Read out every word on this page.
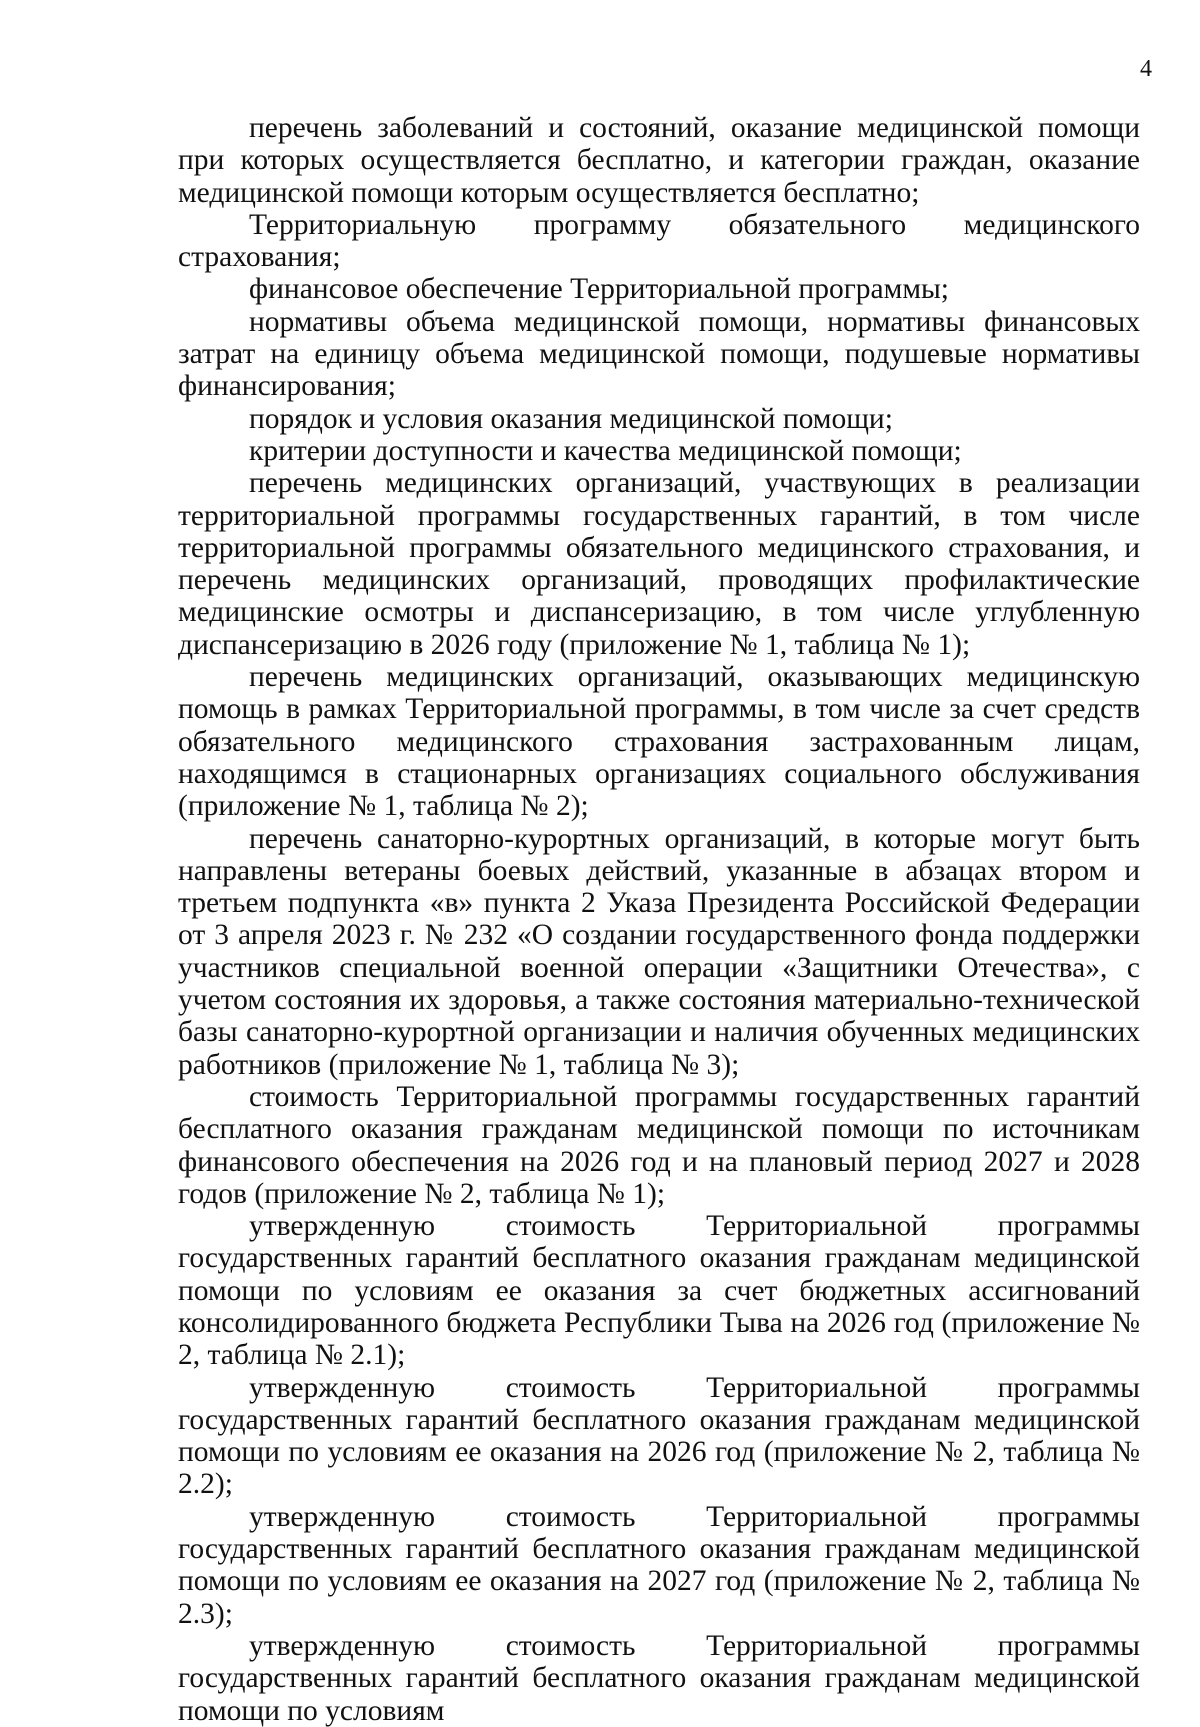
4

перечень заболеваний и состояний, оказание медицинской помощи при которых осуществляется бесплатно, и категории граждан, оказание медицинской помощи которым осуществляется бесплатно;

Территориальную программу обязательного медицинского страхования;

финансовое обеспечение Территориальной программы;

нормативы объема медицинской помощи, нормативы финансовых затрат на единицу объема медицинской помощи, подушевые нормативы финансирования;

порядок и условия оказания медицинской помощи;

критерии доступности и качества медицинской помощи;

перечень медицинских организаций, участвующих в реализации территориальной программы государственных гарантий, в том числе территориальной программы обязательного медицинского страхования, и перечень медицинских организаций, проводящих профилактические медицинские осмотры и диспансеризацию, в том числе углубленную диспансеризацию в 2026 году (приложение № 1, таблица № 1);

перечень медицинских организаций, оказывающих медицинскую помощь в рамках Территориальной программы, в том числе за счет средств обязательного медицинского страхования застрахованным лицам, находящимся в стационарных организациях социального обслуживания (приложение № 1, таблица № 2);

перечень санаторно-курортных организаций, в которые могут быть направлены ветераны боевых действий, указанные в абзацах втором и третьем подпункта «в» пункта 2 Указа Президента Российской Федерации от 3 апреля 2023 г. № 232 «О создании государственного фонда поддержки участников специальной военной операции «Защитники Отечества», с учетом состояния их здоровья, а также состояния материально-технической базы санаторно-курортной организации и наличия обученных медицинских работников (приложение № 1, таблица № 3);

стоимость Территориальной программы государственных гарантий бесплатного оказания гражданам медицинской помощи по источникам финансового обеспечения на 2026 год и на плановый период 2027 и 2028 годов (приложение № 2, таблица № 1);

утвержденную стоимость Территориальной программы государственных гарантий бесплатного оказания гражданам медицинской помощи по условиям ее оказания за счет бюджетных ассигнований консолидированного бюджета Республики Тыва на 2026 год (приложение № 2, таблица № 2.1);

утвержденную стоимость Территориальной программы государственных гарантий бесплатного оказания гражданам медицинской помощи по условиям ее оказания на 2026 год (приложение № 2, таблица № 2.2);

утвержденную стоимость Территориальной программы государственных гарантий бесплатного оказания гражданам медицинской помощи по условиям ее оказания на 2027 год (приложение № 2, таблица № 2.3);

утвержденную стоимость Территориальной программы государственных гарантий бесплатного оказания гражданам медицинской помощи по условиям
